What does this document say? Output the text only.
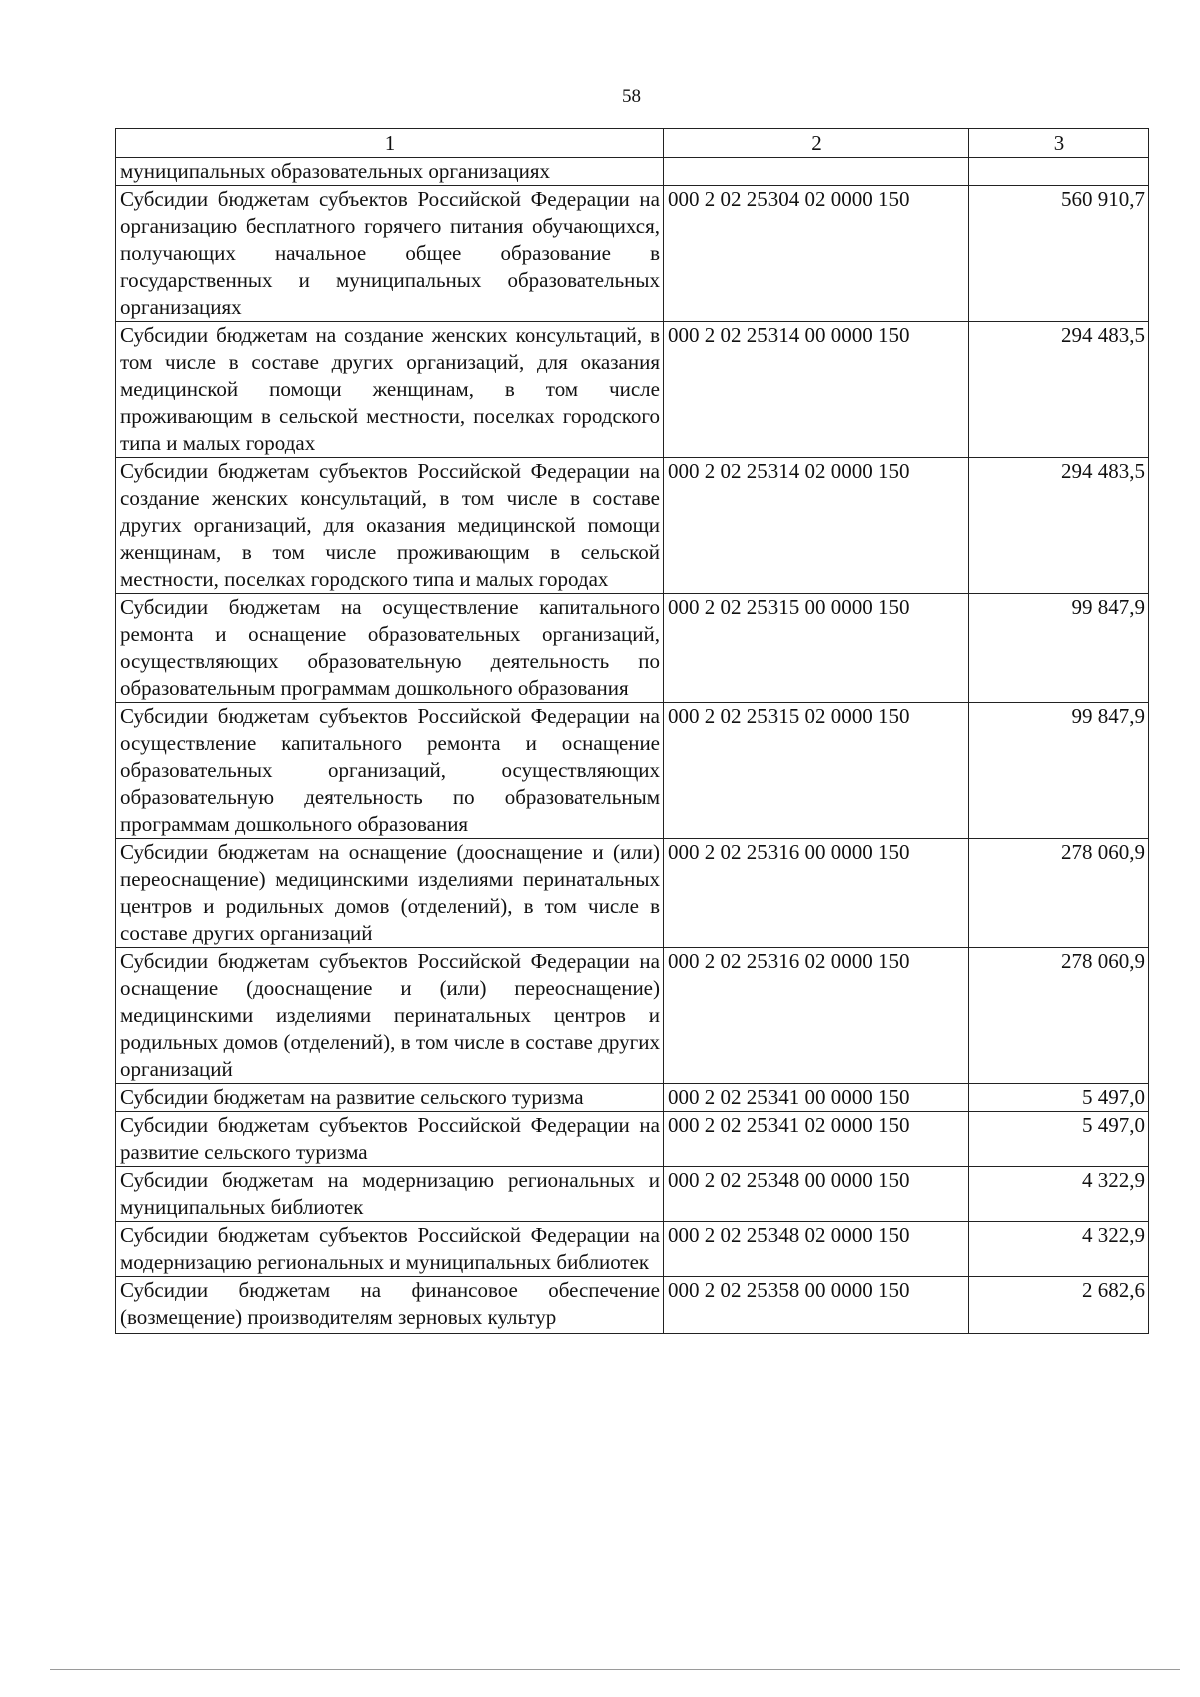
58
1	2	3
муниципальных образовательных организациях		
Субсидии бюджетам субъектов Российской Федерации на организацию бесплатного горячего питания обучающихся, получающих начальное общее образование в государственных и муниципальных образовательных организациях	000 2 02 25304 02 0000 150	560 910,7
Субсидии бюджетам на создание женских консультаций, в том числе в составе других организаций, для оказания медицинской помощи женщинам, в том числе проживающим в сельской местности, поселках городского типа и малых городах	000 2 02 25314 00 0000 150	294 483,5
Субсидии бюджетам субъектов Российской Федерации на создание женских консультаций, в том числе в составе других организаций, для оказания медицинской помощи женщинам, в том числе проживающим в сельской местности, поселках городского типа и малых городах	000 2 02 25314 02 0000 150	294 483,5
Субсидии бюджетам на осуществление капитального ремонта и оснащение образовательных организаций, осуществляющих образовательную деятельность по образовательным программам дошкольного образования	000 2 02 25315 00 0000 150	99 847,9
Субсидии бюджетам субъектов Российской Федерации на осуществление капитального ремонта и оснащение образовательных организаций, осуществляющих образовательную деятельность по образовательным программам дошкольного образования	000 2 02 25315 02 0000 150	99 847,9
Субсидии бюджетам на оснащение (дооснащение и (или) переоснащение) медицинскими изделиями перинатальных центров и родильных домов (отделений), в том числе в составе других организаций	000 2 02 25316 00 0000 150	278 060,9
Субсидии бюджетам субъектов Российской Федерации на оснащение (дооснащение и (или) переоснащение) медицинскими изделиями перинатальных центров и родильных домов (отделений), в том числе в составе других организаций	000 2 02 25316 02 0000 150	278 060,9
Субсидии бюджетам на развитие сельского туризма	000 2 02 25341 00 0000 150	5 497,0
Субсидии бюджетам субъектов Российской Федерации на развитие сельского туризма	000 2 02 25341 02 0000 150	5 497,0
Субсидии бюджетам на модернизацию региональных и муниципальных библиотек	000 2 02 25348 00 0000 150	4 322,9
Субсидии бюджетам субъектов Российской Федерации на модернизацию региональных и муниципальных библиотек	000 2 02 25348 02 0000 150	4 322,9

Субсидии бюджетам на финансовое обеспечение (возмещение) производителям зерновых культур	000 2 02 25358 00 0000 150	2 682,6
